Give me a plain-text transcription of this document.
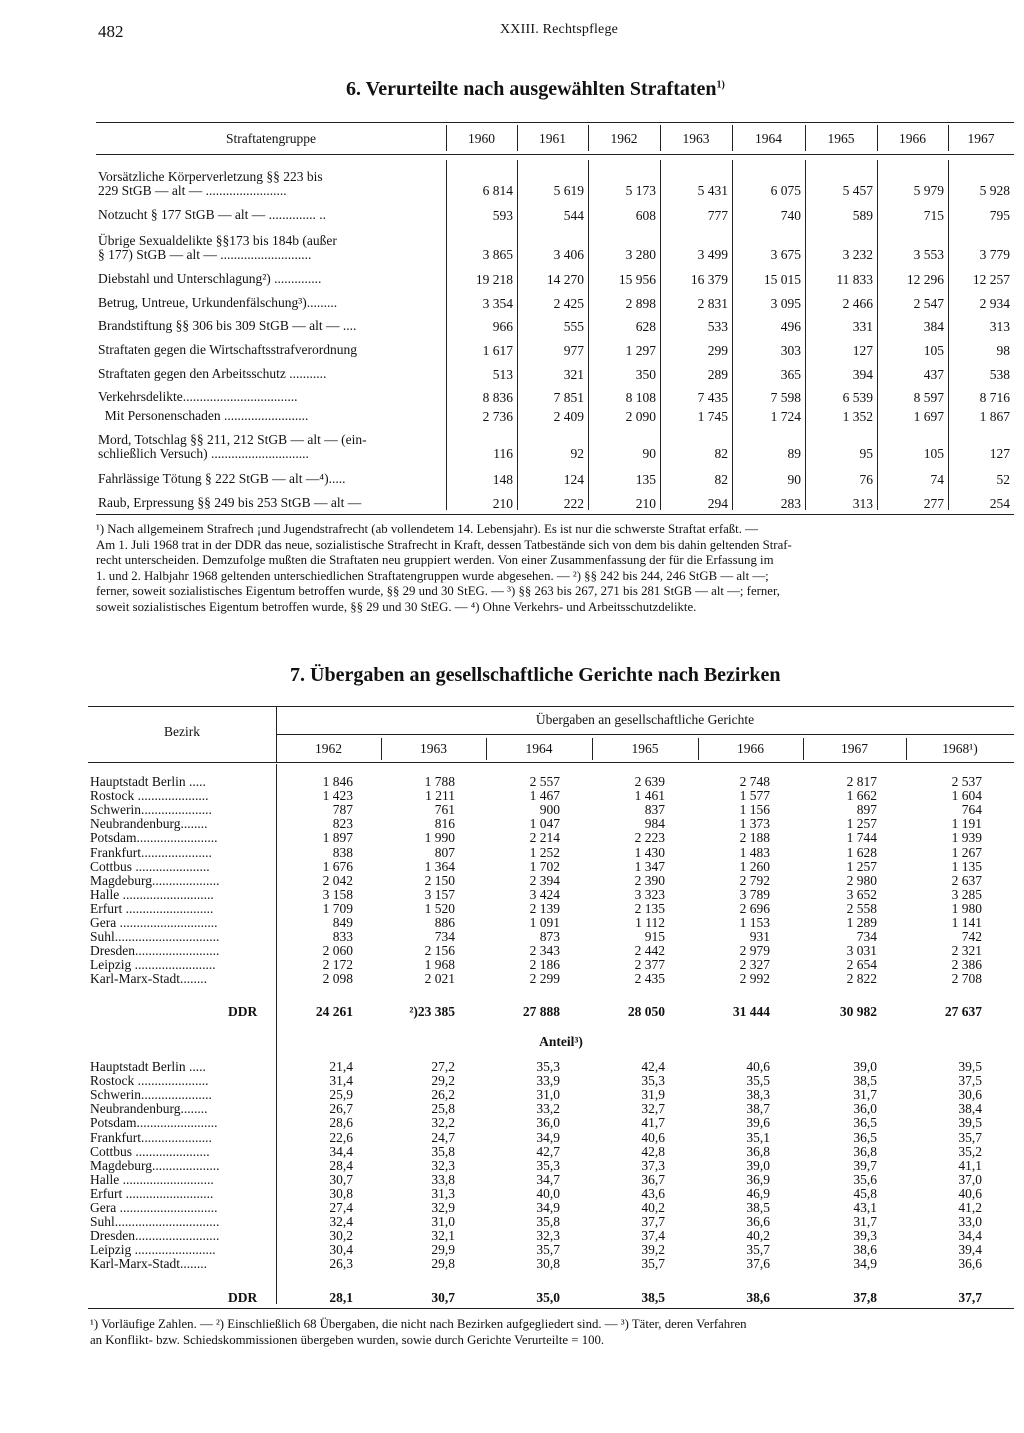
482	XXIII. Rechtspflege
6. Verurteilte nach ausgewählten Straftaten$^{1)}$
Straftatengruppe	1960	1961	1962	1963	1964	1965	1966	1967
Vorsätzliche Körperverletzung §§ 223 bis
229 StGB — alt — ........................	6 814	5 619	5 173	5 431	6 075	5 457	5 979	5 928
Notzucht § 177 StGB — alt — .............. ..	593	544	608	777	740	589	715	795
Übrige Sexualdelikte §§173 bis 184b (außer
§ 177) StGB — alt — ...........................	3 865	3 406	3 280	3 499	3 675	3 232	3 553	3 779
Diebstahl und Unterschlagung²) ..............	19 218	14 270	15 956	16 379	15 015	11 833	12 296	12 257
Betrug, Untreue, Urkundenfälschung³).........	3 354	2 425	2 898	2 831	3 095	2 466	2 547	2 934
Brandstiftung §§ 306 bis 309 StGB — alt — ....	966	555	628	533	496	331	384	313
Straftaten gegen die Wirtschaftsstrafverordnung	1 617	977	1 297	299	303	127	105	98
Straftaten gegen den Arbeitsschutz ...........	513	321	350	289	365	394	437	538
Verkehrsdelikte..................................	8 836	7 851	8 108	7 435	7 598	6 539	8 597	8 716
Mit Personenschaden .........................	2 736	2 409	2 090	1 745	1 724	1 352	1 697	1 867
Mord, Totschlag §§ 211, 212 StGB — alt — (ein-
schließlich Versuch) .............................	116	92	90	82	89	95	105	127
Fahrlässige Tötung § 222 StGB — alt —⁴).....	148	124	135	82	90	76	74	52
Raub, Erpressung §§ 249 bis 253 StGB — alt —	210	222	210	294	283	313	277	254
¹) Nach allgemeinem Strafrech ¡und Jugendstrafrecht (ab vollendetem 14. Lebensjahr). Es ist nur die schwerste Straftat erfaßt. —
Am 1. Juli 1968 trat in der DDR das neue, sozialistische Strafrecht in Kraft, dessen Tatbestände sich von dem bis dahin geltenden Straf-
recht unterscheiden. Demzufolge mußten die Straftaten neu gruppiert werden. Von einer Zusammenfassung der für die Erfassung im
1. und 2. Halbjahr 1968 geltenden unterschiedlichen Straftatengruppen wurde abgesehen. — ²) §§ 242 bis 244, 246 StGB — alt —;
ferner, soweit sozialistisches Eigentum betroffen wurde, §§ 29 und 30 StEG. — ³) §§ 263 bis 267, 271 bis 281 StGB — alt —; ferner,
soweit sozialistisches Eigentum betroffen wurde, §§ 29 und 30 StEG. — ⁴) Ohne Verkehrs- und Arbeitsschutzdelikte.
7. Übergaben an gesellschaftliche Gerichte nach Bezirken
Bezirk
Übergaben an gesellschaftliche Gerichte
1962	1963	1964	1965	1966	1967	1968¹)
Hauptstadt Berlin .....	1 846	1 788	2 557	2 639	2 748	2 817	2 537
Rostock .....................	1 423	1 211	1 467	1 461	1 577	1 662	1 604
Schwerin.....................	787	761	900	837	1 156	897	764
Neubrandenburg........	823	816	1 047	984	1 373	1 257	1 191
Potsdam........................	1 897	1 990	2 214	2 223	2 188	1 744	1 939
Frankfurt.....................	838	807	1 252	1 430	1 483	1 628	1 267
Cottbus ......................	1 676	1 364	1 702	1 347	1 260	1 257	1 135
Magdeburg....................	2 042	2 150	2 394	2 390	2 792	2 980	2 637
Halle ...........................	3 158	3 157	3 424	3 323	3 789	3 652	3 285
Erfurt ..........................	1 709	1 520	2 139	2 135	2 696	2 558	1 980
Gera .............................	849	886	1 091	1 112	1 153	1 289	1 141
Suhl...............................	833	734	873	915	931	734	742
Dresden.........................	2 060	2 156	2 343	2 442	2 979	3 031	2 321
Leipzig ........................	2 172	1 968	2 186	2 377	2 327	2 654	2 386
Karl-Marx-Stadt........	2 098	2 021	2 299	2 435	2 992	2 822	2 708
DDR	24 261	²)23 385	27 888	28 050	31 444	30 982	27 637
Anteil³)
Hauptstadt Berlin .....	21,4	27,2	35,3	42,4	40,6	39,0	39,5
Rostock .....................	31,4	29,2	33,9	35,3	35,5	38,5	37,5
Schwerin.....................	25,9	26,2	31,0	31,9	38,3	31,7	30,6
Neubrandenburg........	26,7	25,8	33,2	32,7	38,7	36,0	38,4
Potsdam........................	28,6	32,2	36,0	41,7	39,6	36,5	39,5
Frankfurt.....................	22,6	24,7	34,9	40,6	35,1	36,5	35,7
Cottbus ......................	34,4	35,8	42,7	42,8	36,8	36,8	35,2
Magdeburg....................	28,4	32,3	35,3	37,3	39,0	39,7	41,1
Halle ...........................	30,7	33,8	34,7	36,7	36,9	35,6	37,0
Erfurt ..........................	30,8	31,3	40,0	43,6	46,9	45,8	40,6
Gera .............................	27,4	32,9	34,9	40,2	38,5	43,1	41,2
Suhl...............................	32,4	31,0	35,8	37,7	36,6	31,7	33,0
Dresden.........................	30,2	32,1	32,3	37,4	40,2	39,3	34,4
Leipzig ........................	30,4	29,9	35,7	39,2	35,7	38,6	39,4
Karl-Marx-Stadt........	26,3	29,8	30,8	35,7	37,6	34,9	36,6
DDR	28,1	30,7	35,0	38,5	38,6	37,8	37,7
¹) Vorläufige Zahlen. — ²) Einschließlich 68 Übergaben, die nicht nach Bezirken aufgegliedert sind. — ³) Täter, deren Verfahren
an Konflikt- bzw. Schiedskommissionen übergeben wurden, sowie durch Gerichte Verurteilte = 100.
